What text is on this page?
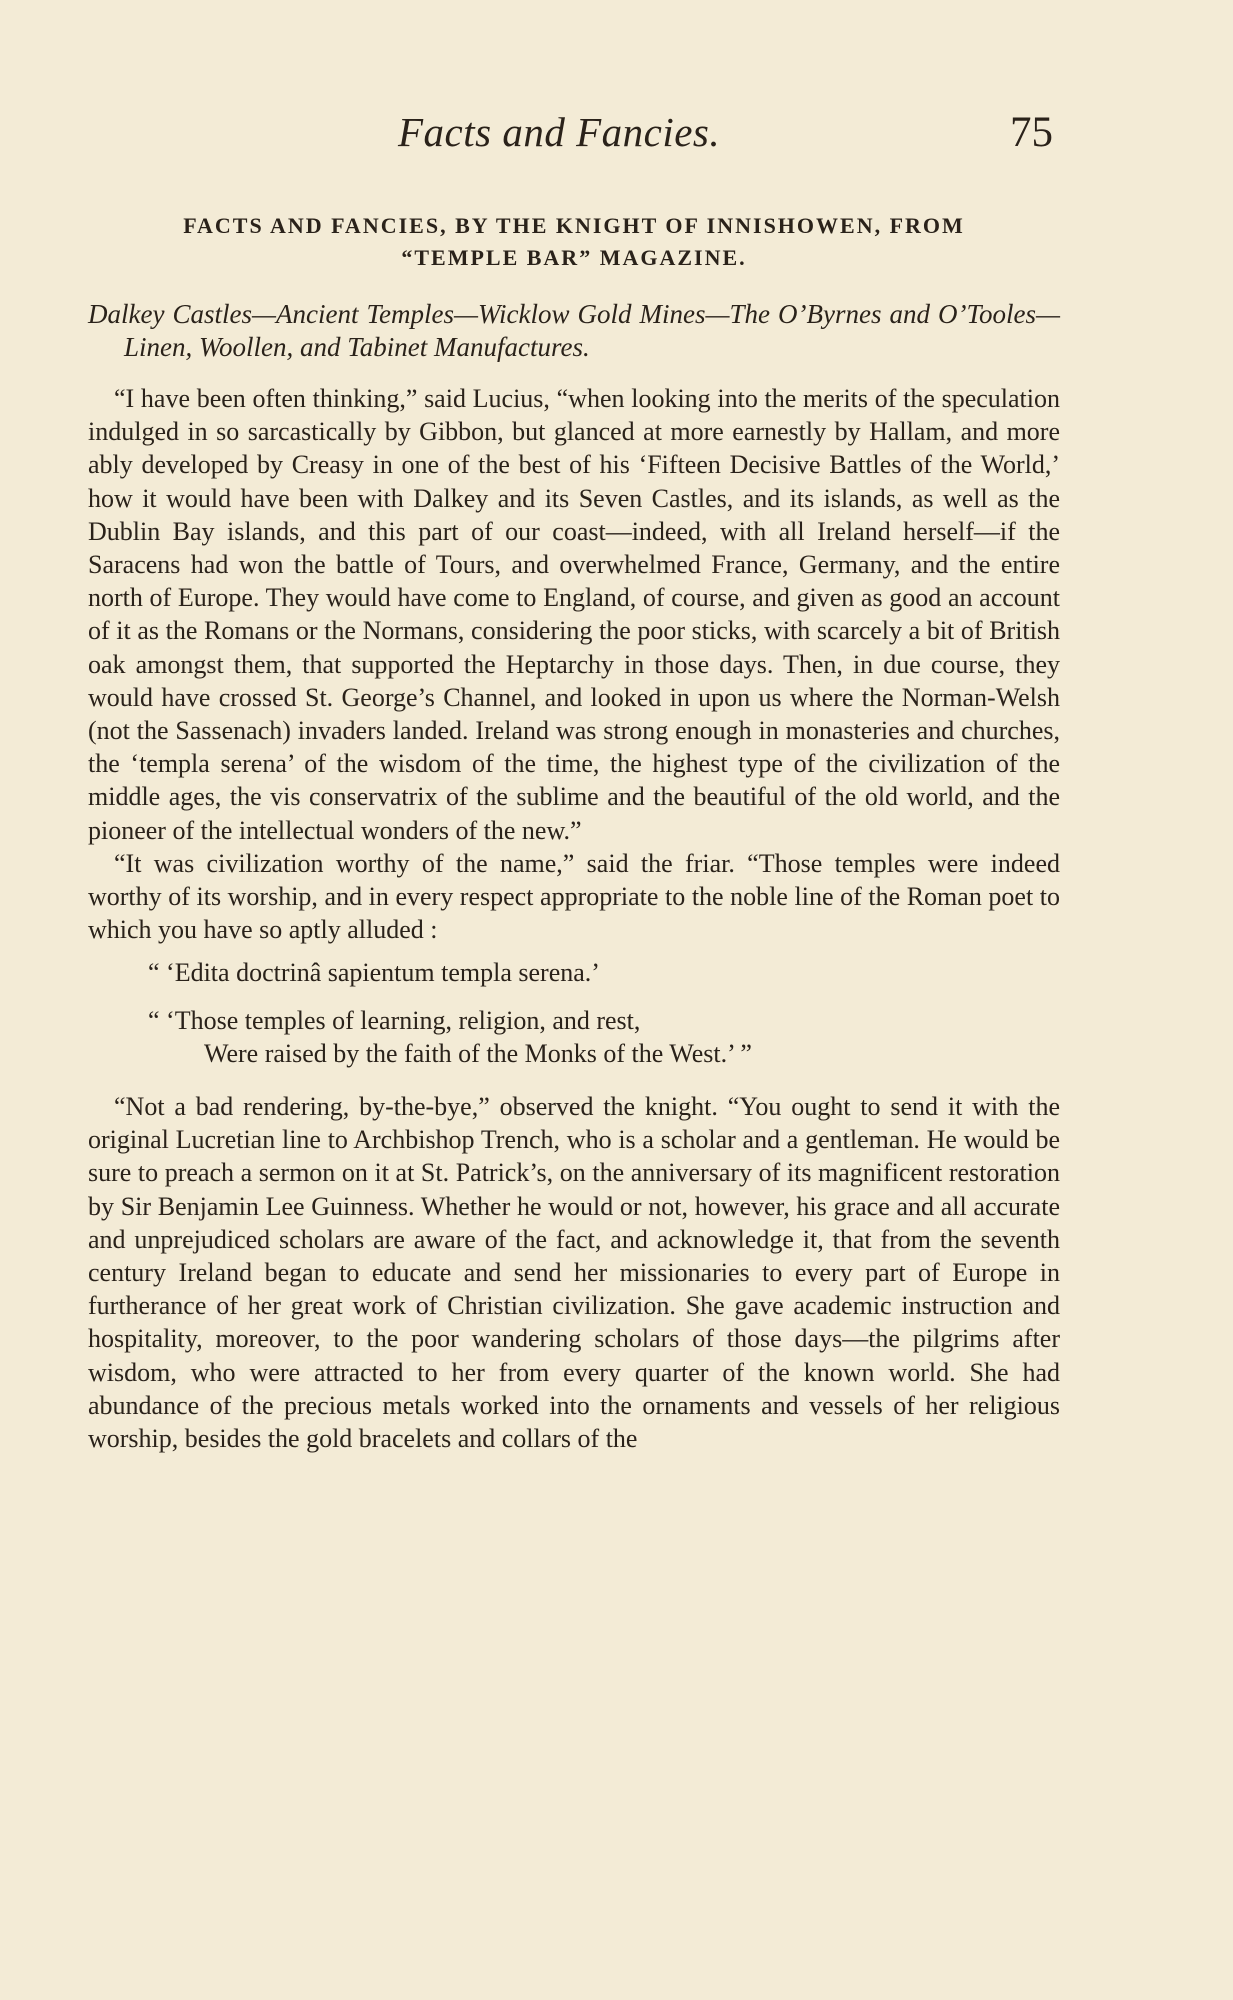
Facts and Fancies.	75
FACTS AND FANCIES, BY THE KNIGHT OF INNISHOWEN, FROM
“TEMPLE BAR” MAGAZINE.

Dalkey Castles—Ancient Temples—Wicklow Gold Mines—The O’Byrnes and O’Tooles—Linen, Woollen, and Tabinet Manufactures.

“I have been often thinking,” said Lucius, “when looking into the merits of the speculation indulged in so sarcastically by Gibbon, but glanced at more earnestly by Hallam, and more ably developed by Creasy in one of the best of his ‘Fifteen Decisive Battles of the World,’ how it would have been with Dalkey and its Seven Castles, and its islands, as well as the Dublin Bay islands, and this part of our coast—indeed, with all Ireland herself—if the Saracens had won the battle of Tours, and overwhelmed France, Germany, and the entire north of Europe. They would have come to England, of course, and given as good an account of it as the Romans or the Normans, considering the poor sticks, with scarcely a bit of British oak amongst them, that supported the Heptarchy in those days. Then, in due course, they would have crossed St. George’s Channel, and looked in upon us where the Norman-Welsh (not the Sassenach) invaders landed. Ireland was strong enough in monasteries and churches, the ‘templa serena’ of the wisdom of the time, the highest type of the civilization of the middle ages, the vis conservatrix of the sublime and the beautiful of the old world, and the pioneer of the intellectual wonders of the new.”

“It was civilization worthy of the name,” said the friar. “Those temples were indeed worthy of its worship, and in every respect appropriate to the noble line of the Roman poet to which you have so aptly alluded :

“ ‘Edita doctrinâ sapientum templa serena.’

“ ‘Those temples of learning, religion, and rest,
Were raised by the faith of the Monks of the West.’ ”

“Not a bad rendering, by-the-bye,” observed the knight. “You ought to send it with the original Lucretian line to Archbishop Trench, who is a scholar and a gentleman. He would be sure to preach a sermon on it at St. Patrick’s, on the anniversary of its magnificent restoration by Sir Benjamin Lee Guinness. Whether he would or not, however, his grace and all accurate and unprejudiced scholars are aware of the fact, and acknowledge it, that from the seventh century Ireland began to educate and send her missionaries to every part of Europe in furtherance of her great work of Christian civilization. She gave academic instruction and hospitality, moreover, to the poor wandering scholars of those days—the pilgrims after wisdom, who were attracted to her from every quarter of the known world. She had abundance of the precious metals worked into the ornaments and vessels of her religious worship, besides the gold bracelets and collars of the
